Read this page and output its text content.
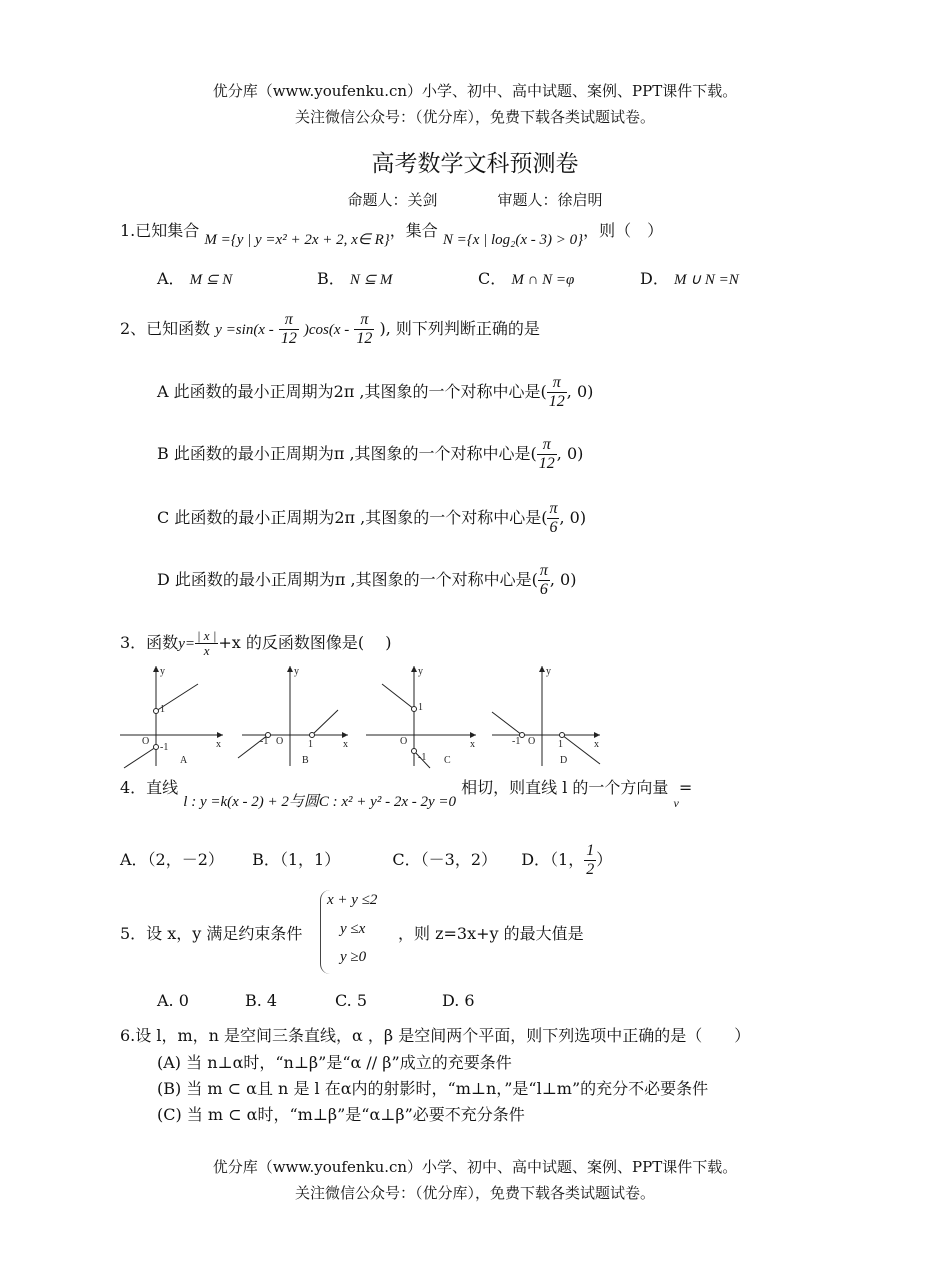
优分库（www.youfenku.cn）小学、初中、高中试题、案例、PPT课件下载。
关注微信公众号：（优分库），免费下载各类试题试卷。
高考数学文科预测卷
命题人：关剑　　　　审题人：徐启明
1.已知集合 M ={y | y =x² + 2x + 2, x∈ R}，集合 N ={x | log₂(x - 3) > 0}，则（　）
A． M ⊆ N	B． N ⊆ M	C． M ∩ N =φ	D． M ∪ N =N
2、已知函数 $y =\sin(x - \frac{\pi}{12} )\cos(x - \frac{\pi}{12}$ ), 则下列判断正确的是
A 此函数的最小正周期为2π ,其图象的一个对称中心是( $\frac{\pi}{12}$ , 0)
B 此函数的最小正周期为π ,其图象的一个对称中心是( $\frac{\pi}{12}$ , 0)
C 此函数的最小正周期为2π ,其图象的一个对称中心是( $\frac{\pi}{6}$ , 0)
D 此函数的最小正周期为π ,其图象的一个对称中心是( $\frac{\pi}{6}$ , 0)
3．函数$y= \frac{| x |}{x} +x$ 的反函数图像是(　 )
y
x
O
1
-1
A
y
x
O 1
-1
B
y
x
O
1
-1 C
y
x
O 1
-1
D
4．直线 l : y =k(x - 2) + 2与圆C : x² + y² - 2x - 2y =0 相切，则直线 l 的一个方向量 $_v$=
A．（2，－2） B．（1，1）	C．（－3，2） D．（1， $\frac{1}{2}$ ）
x + y ≤2
y ≤x
y ≥0
5．设 x，y 满足约束条件	，则 z=3x+y 的最大值是
A. 0	B. 4	C. 5	D. 6
6.设 l，m，n 是空间三条直线，α ，β 是空间两个平面，则下列选项中正确的是（　　）
(A) 当 n⊥α时，“n⊥β”是“α // β”成立的充要条件
(B) 当 m ⊂ α且 n 是 l 在α内的射影时，“m⊥n，”是“l⊥m”的充分不必要条件
(C) 当 m ⊂ α时，“m⊥β”是“α⊥β”必要不充分条件
优分库（www.youfenku.cn）小学、初中、高中试题、案例、PPT课件下载。
关注微信公众号：（优分库），免费下载各类试题试卷。
